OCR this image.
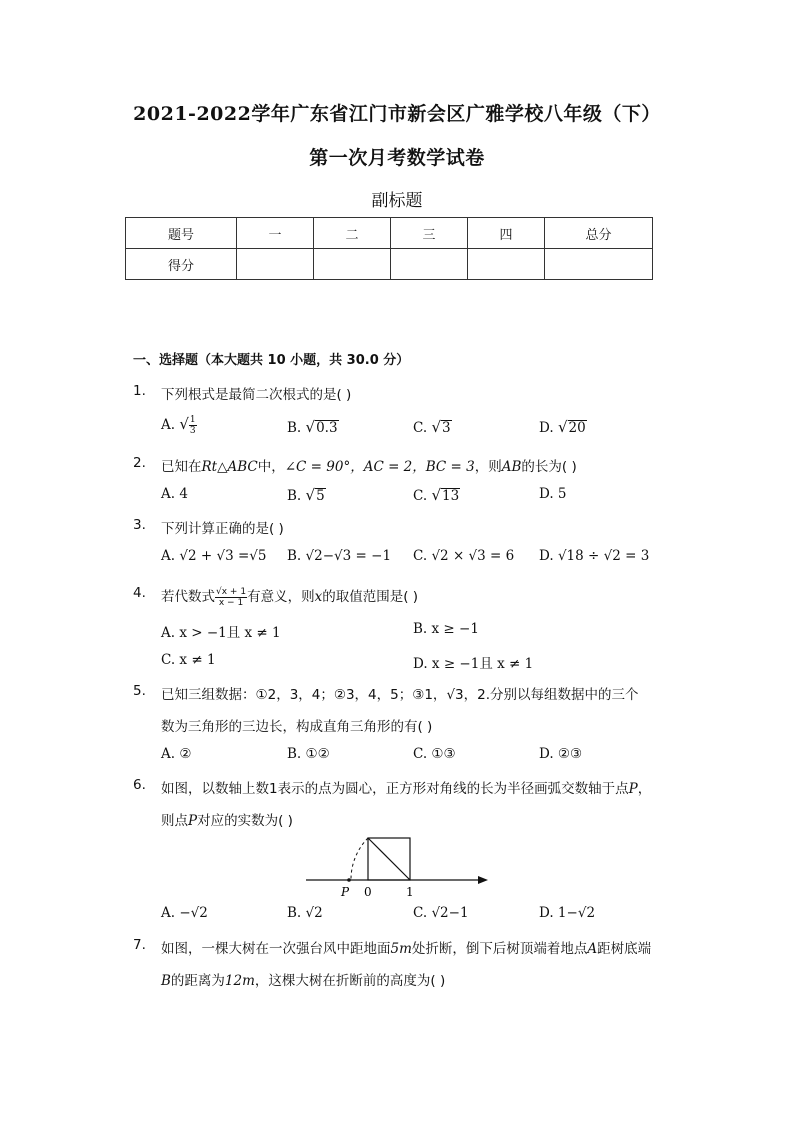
2021-2022学年广东省江门市新会区广雅学校八年级（下）
第一次月考数学试卷
副标题
题号	一	二	三	四	总分
得分					
一、选择题（本大题共 10 小题，共 30.0 分）
1. 下列根式是最简二次根式的是( )
A. √ $\frac{1}{3}$	B. √0.3	C. √3	D. √20
2. 已知在Rt△ABC中，∠C = 90°，AC = 2，BC = 3，则AB的长为( )
A. 4	B. √5	C. √13	D. 5
3. 下列计算正确的是( )
A. √2 + √3 =√5 B. √2−√3 = −1 C. √2 × √3 = 6 D. √18 ÷ √2 = 3
4. 若代数式 $\frac{√x + 1}{x - 1}$ 有意义，则x的取值范围是( )
A. x > −1且 x ≠ 1	B. x ≥ −1
C. x ≠ 1	D. x ≥ −1且 x ≠ 1
5. 已知三组数据：①2，3，4；②3，4，5；③1，√3，2.分别以每组数据中的三个
数为三角形的三边长，构成直角三角形的有( )
A. ②	B. ①②	C. ①③	D. ②③
6. 如图，以数轴上数1表示的点为圆心，正方形对角线的长为半径画弧交数轴于点P，
则点P对应的实数为( )
P 0	1
A. −√2	B. √2	C. √2−1	D. 1−√2
7. 如图，一棵大树在一次强台风中距地面5m处折断，倒下后树顶端着地点A距树底端
B的距离为12m，这棵大树在折断前的高度为( )
